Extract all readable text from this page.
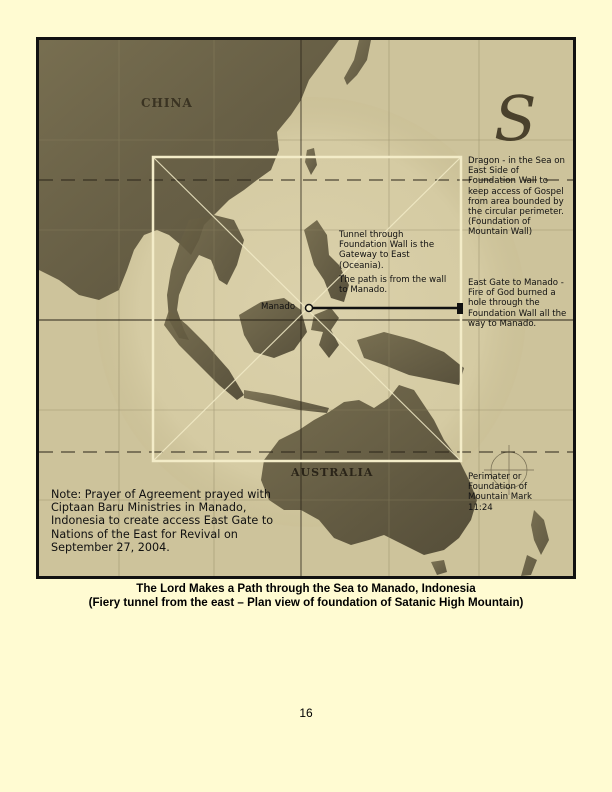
CHINA
AUSTRALIA
S
Manado

Tunnel through Foundation Wall is the Gateway to East (Oceania).

The path is from the wall to Manado.

Dragon - in the Sea on East Side of Foundation Wall to keep access of Gospel from area bounded by the circular perimeter. (Foundation of Mountain Wall)
East Gate to Manado - Fire of God burned a hole through the Foundation Wall all the way to Manado.
Perimater or Foundation of Mountain Mark 11:24
Note: Prayer of Agreement prayed with Ciptaan Baru Ministries in Manado, Indonesia to create access East Gate to Nations of the East for Revival on September 27, 2004.
The Lord Makes a Path through the Sea to Manado, Indonesia
(Fiery tunnel from the east – Plan view of foundation of Satanic High Mountain)
16
